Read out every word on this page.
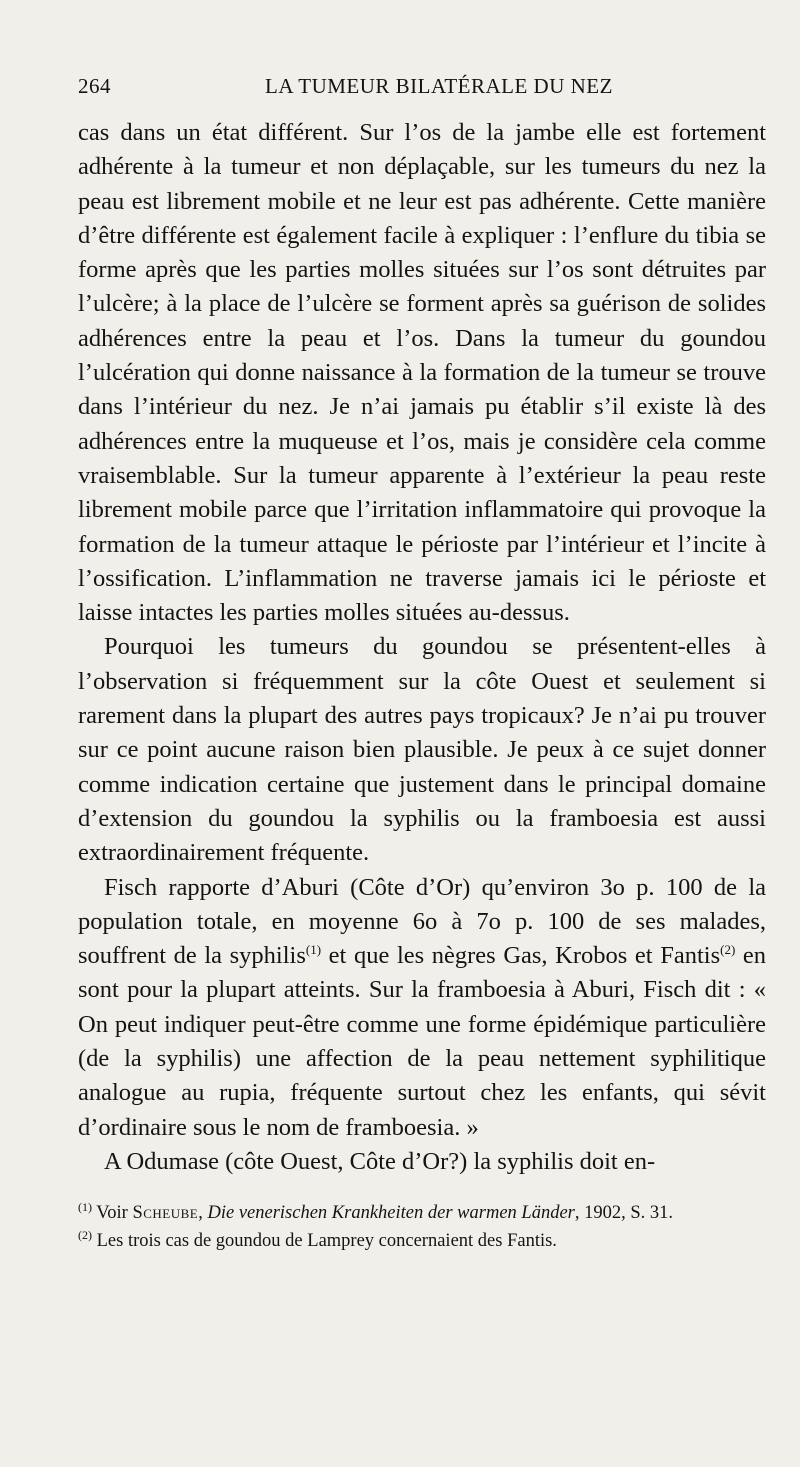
264	LA TUMEUR BILATÉRALE DU NEZ

cas dans un état différent. Sur l’os de la jambe elle est fortement adhérente à la tumeur et non déplaçable, sur les tumeurs du nez la peau est librement mobile et ne leur est pas adhérente. Cette manière d’être différente est également facile à expliquer : l’enflure du tibia se forme après que les parties molles situées sur l’os sont détruites par l’ulcère; à la place de l’ulcère se forment après sa guérison de solides adhérences entre la peau et l’os. Dans la tumeur du goundou l’ulcération qui donne naissance à la formation de la tumeur se trouve dans l’intérieur du nez. Je n’ai jamais pu établir s’il existe là des adhérences entre la muqueuse et l’os, mais je considère cela comme vraisemblable. Sur la tumeur apparente à l’extérieur la peau reste librement mobile parce que l’irritation inflammatoire qui provoque la formation de la tumeur attaque le périoste par l’intérieur et l’incite à l’ossification. L’inflammation ne traverse jamais ici le périoste et laisse intactes les parties molles situées au-dessus.

Pourquoi les tumeurs du goundou se présentent-elles à l’observation si fréquemment sur la côte Ouest et seulement si rarement dans la plupart des autres pays tropicaux? Je n’ai pu trouver sur ce point aucune raison bien plausible. Je peux à ce sujet donner comme indication certaine que justement dans le principal domaine d’extension du goundou la syphilis ou la framboesia est aussi extraordinairement fréquente.

Fisch rapporte d’Aburi (Côte d’Or) qu’environ 3o p. 100 de la population totale, en moyenne 6o à 7o p. 100 de ses malades, souffrent de la syphilis$^{(1)}$ et que les nègres Gas, Krobos et Fantis$^{(2)}$ en sont pour la plupart atteints. Sur la framboesia à Aburi, Fisch dit : « On peut indiquer peut-être comme une forme épidémique particulière (de la syphilis) une affection de la peau nettement syphilitique analogue au rupia, fréquente surtout chez les enfants, qui sévit d’ordinaire sous le nom de framboesia. »

A Odumase (côte Ouest, Côte d’Or?) la syphilis doit en-

$^{(1)}$ Voir Scheube, Die venerischen Krankheiten der warmen Länder, 1902, S. 31.

$^{(2)}$ Les trois cas de goundou de Lamprey concernaient des Fantis.
